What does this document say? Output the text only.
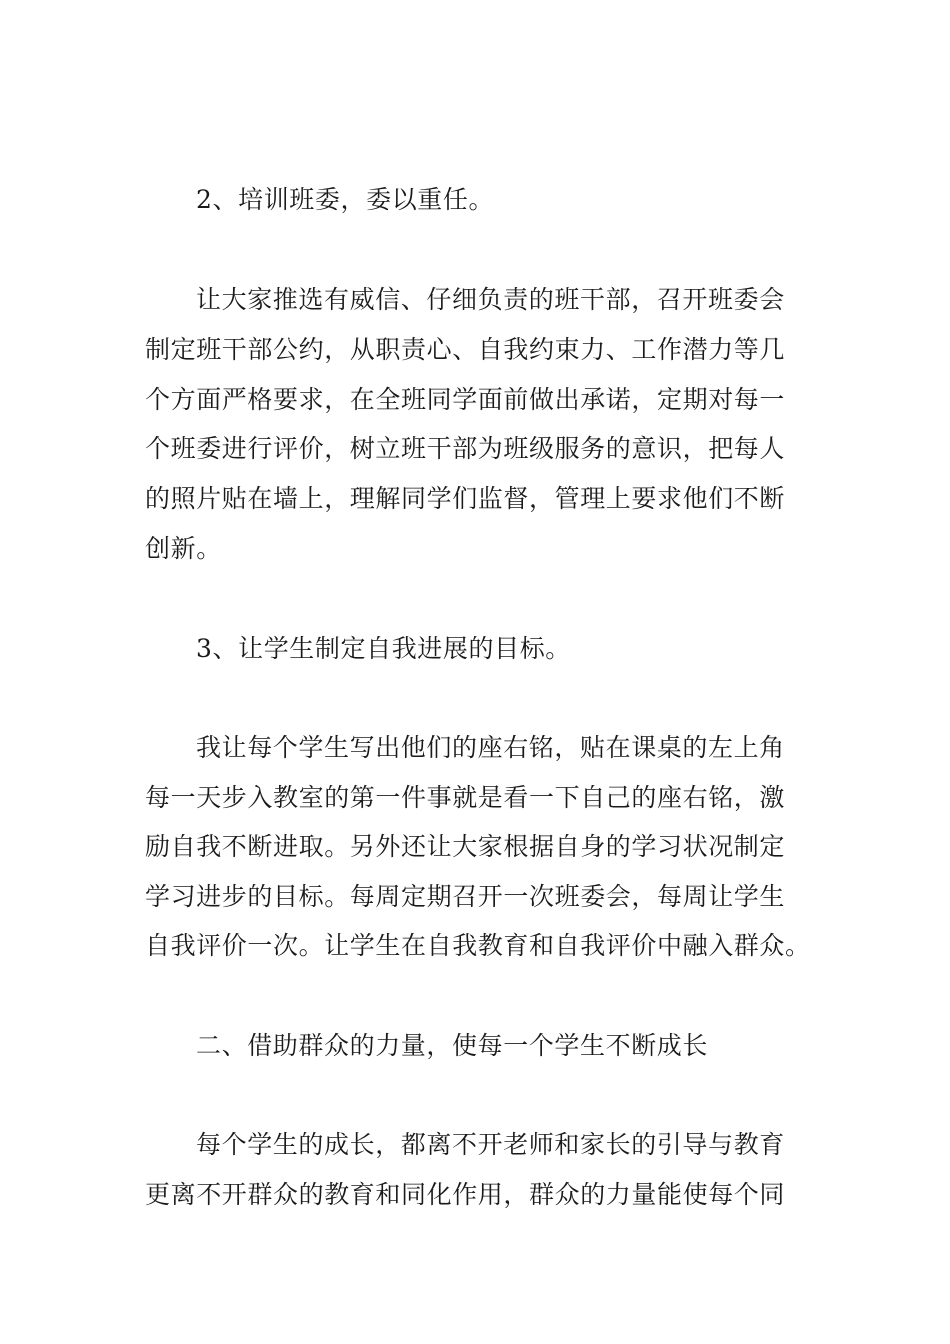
2、培训班委，委以重任。
让大家推选有威信、仔细负责的班干部，召开班委会
制定班干部公约，从职责心、自我约束力、工作潜力等几
个方面严格要求，在全班同学面前做出承诺，定期对每一
个班委进行评价，树立班干部为班级服务的意识，把每人
的照片贴在墙上，理解同学们监督，管理上要求他们不断
创新。
3、让学生制定自我进展的目标。
我让每个学生写出他们的座右铭，贴在课桌的左上角
每一天步入教室的第一件事就是看一下自己的座右铭，激
励自我不断进取。另外还让大家根据自身的学习状况制定
学习进步的目标。每周定期召开一次班委会，每周让学生
自我评价一次。让学生在自我教育和自我评价中融入群众。
二、借助群众的力量，使每一个学生不断成长
每个学生的成长，都离不开老师和家长的引导与教育
更离不开群众的教育和同化作用，群众的力量能使每个同
